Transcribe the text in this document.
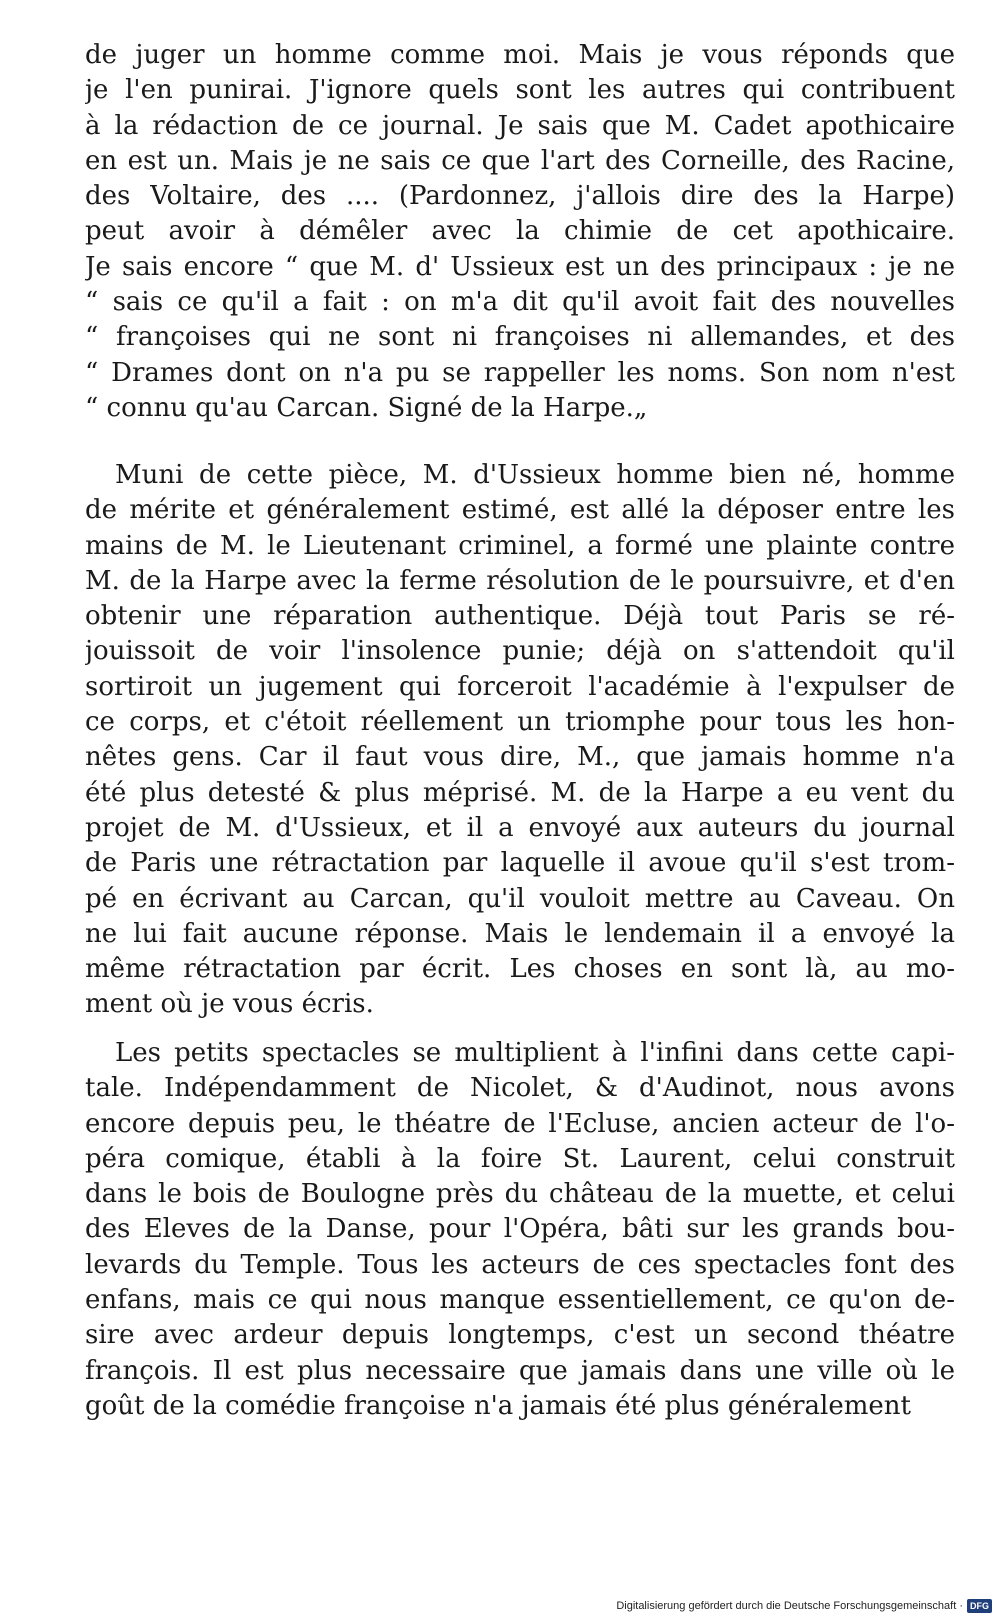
de juger un homme comme moi. Mais je vous réponds que
je l'en punirai. J'ignore quels sont les autres qui contribuent
à la rédaction de ce journal. Je sais que M. Cadet apothicaire
en est un. Mais je ne sais ce que l'art des Corneille, des Racine,
des Voltaire, des .... (Pardonnez, j'allois dire des la Harpe)
peut avoir à démêler avec la chimie de cet apothicaire.
Je sais encore “ que M. d' Ussieux est un des principaux : je ne
“ sais ce qu'il a fait : on m'a dit qu'il avoit fait des nouvelles
“ françoises qui ne sont ni françoises ni allemandes, et des
“ Drames dont on n'a pu se rappeller les noms. Son nom n'est
“ connu qu'au Carcan. Signé de la Harpe.„
Muni de cette pièce, M. d'Ussieux homme bien né, homme
de mérite et généralement estimé, est allé la déposer entre les
mains de M. le Lieutenant criminel, a formé une plainte contre
M. de la Harpe avec la ferme résolution de le poursuivre, et d'en
obtenir une réparation authentique. Déjà tout Paris se ré-
jouissoit de voir l'insolence punie; déjà on s'attendoit qu'il
sortiroit un jugement qui forceroit l'académie à l'expulser de
ce corps, et c'étoit réellement un triomphe pour tous les hon-
nêtes gens. Car il faut vous dire, M., que jamais homme n'a
été plus detesté & plus méprisé. M. de la Harpe a eu vent du
projet de M. d'Ussieux, et il a envoyé aux auteurs du journal
de Paris une rétractation par laquelle il avoue qu'il s'est trom-
pé en écrivant au Carcan, qu'il vouloit mettre au Caveau. On
ne lui fait aucune réponse. Mais le lendemain il a envoyé la
même rétractation par écrit. Les choses en sont là, au mo-
ment où je vous écris.
Les petits spectacles se multiplient à l'infini dans cette capi-
tale. Indépendamment de Nicolet, & d'Audinot, nous avons
encore depuis peu, le théatre de l'Ecluse, ancien acteur de l'o-
péra comique, établi à la foire St. Laurent, celui construit
dans le bois de Boulogne près du château de la muette, et celui
des Eleves de la Danse, pour l'Opéra, bâti sur les grands bou-
levards du Temple. Tous les acteurs de ces spectacles font des
enfans, mais ce qui nous manque essentiellement, ce qu'on de-
sire avec ardeur depuis longtemps, c'est un second théatre
françois. Il est plus necessaire que jamais dans une ville où le
goût de la comédie françoise n'a jamais été plus généralement
Digitalisierung gefördert durch die Deutsche Forschungsgemeinschaft · DFG
